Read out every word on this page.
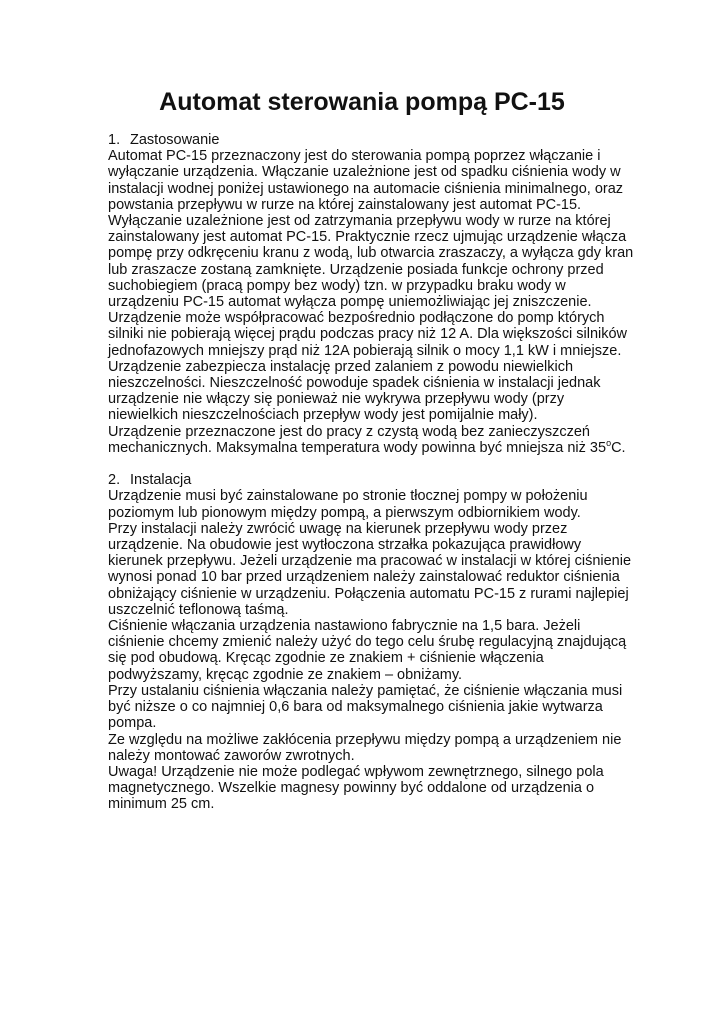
Automat sterowania pompą PC-15
1. Zastosowanie
Automat PC-15 przeznaczony jest do sterowania pompą poprzez włączanie i
wyłączanie urządzenia. Włączanie uzależnione jest od spadku ciśnienia wody w
instalacji wodnej poniżej ustawionego na automacie ciśnienia minimalnego, oraz
powstania przepływu w rurze na której zainstalowany jest automat PC-15.
Wyłączanie uzależnione jest od zatrzymania przepływu wody w rurze na której
zainstalowany jest automat PC-15. Praktycznie rzecz ujmując urządzenie włącza
pompę przy odkręceniu kranu z wodą, lub otwarcia zraszaczy, a wyłącza gdy kran
lub zraszacze zostaną zamknięte. Urządzenie posiada funkcje ochrony przed
suchobiegiem (pracą pompy bez wody) tzn. w przypadku braku wody w
urządzeniu PC-15 automat wyłącza pompę uniemożliwiając jej zniszczenie.
Urządzenie może współpracować bezpośrednio podłączone do pomp których
silniki nie pobierają więcej prądu podczas pracy niż 12 A. Dla większości silników
jednofazowych mniejszy prąd niż 12A pobierają silnik o mocy 1,1 kW i mniejsze.
Urządzenie zabezpiecza instalację przed zalaniem z powodu niewielkich
nieszczelności. Nieszczelność powoduje spadek ciśnienia w instalacji jednak
urządzenie nie włączy się ponieważ nie wykrywa przepływu wody (przy
niewielkich nieszczelnościach przepływ wody jest pomijalnie mały).
Urządzenie przeznaczone jest do pracy z czystą wodą bez zanieczyszczeń
mechanicznych. Maksymalna temperatura wody powinna być mniejsza niż 35$^o$C.
2. Instalacja
Urządzenie musi być zainstalowane po stronie tłocznej pompy w położeniu
poziomym lub pionowym między pompą, a pierwszym odbiornikiem wody.
Przy instalacji należy zwrócić uwagę na kierunek przepływu wody przez
urządzenie. Na obudowie jest wytłoczona strzałka pokazująca prawidłowy
kierunek przepływu. Jeżeli urządzenie ma pracować w instalacji w której ciśnienie
wynosi ponad 10 bar przed urządzeniem należy zainstalować reduktor ciśnienia
obniżający ciśnienie w urządzeniu. Połączenia automatu PC-15 z rurami najlepiej
uszczelnić teflonową taśmą.
Ciśnienie włączania urządzenia nastawiono fabrycznie na 1,5 bara. Jeżeli
ciśnienie chcemy zmienić należy użyć do tego celu śrubę regulacyjną znajdującą
się pod obudową. Kręcąc zgodnie ze znakiem + ciśnienie włączenia
podwyższamy, kręcąc zgodnie ze znakiem – obniżamy.
Przy ustalaniu ciśnienia włączania należy pamiętać, że ciśnienie włączania musi
być niższe o co najmniej 0,6 bara od maksymalnego ciśnienia jakie wytwarza
pompa.
Ze względu na możliwe zakłócenia przepływu między pompą a urządzeniem nie
należy montować zaworów zwrotnych.
Uwaga! Urządzenie nie może podlegać wpływom zewnętrznego, silnego pola
magnetycznego. Wszelkie magnesy powinny być oddalone od urządzenia o
minimum 25 cm.
